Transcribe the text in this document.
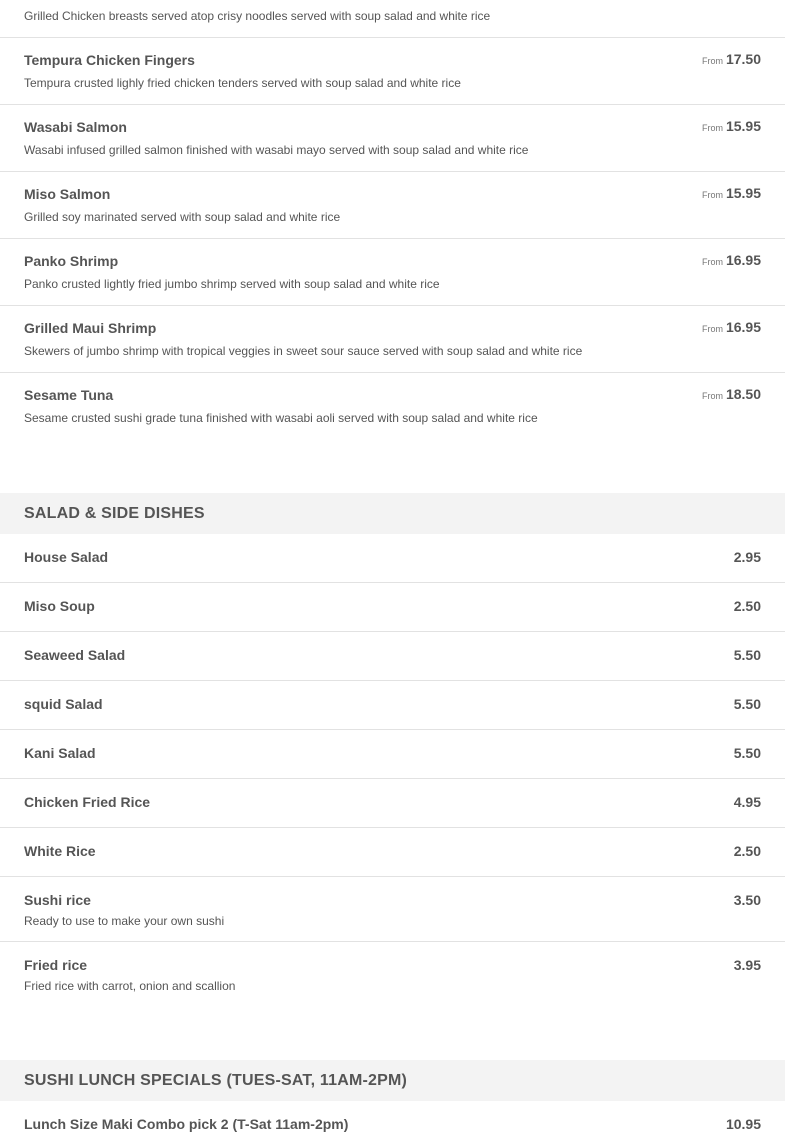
Grilled Chicken breasts served atop crisy noodles served with soup salad and white rice
Tempura Chicken Fingers	From 17.50
Tempura crusted lighly fried chicken tenders served with soup salad and white rice
Wasabi Salmon	From 15.95
Wasabi infused grilled salmon finished with wasabi mayo served with soup salad and white rice
Miso Salmon	From 15.95
Grilled soy marinated served with soup salad and white rice
Panko Shrimp	From 16.95
Panko crusted lightly fried jumbo shrimp served with soup salad and white rice
Grilled Maui Shrimp	From 16.95
Skewers of jumbo shrimp with tropical veggies in sweet sour sauce served with soup salad and white rice
Sesame Tuna	From 18.50
Sesame crusted sushi grade tuna finished with wasabi aoli served with soup salad and white rice
SALAD & SIDE DISHES
House Salad	2.95
Miso Soup	2.50
Seaweed Salad	5.50
squid Salad	5.50
Kani Salad	5.50
Chicken Fried Rice	4.95
White Rice	2.50
Sushi rice	3.50
Ready to use to make your own sushi
Fried rice	3.95
Fried rice with carrot, onion and scallion
SUSHI LUNCH SPECIALS (TUES-SAT, 11AM-2PM)
Lunch Size Maki Combo pick 2 (T-Sat 11am-2pm)	10.95
